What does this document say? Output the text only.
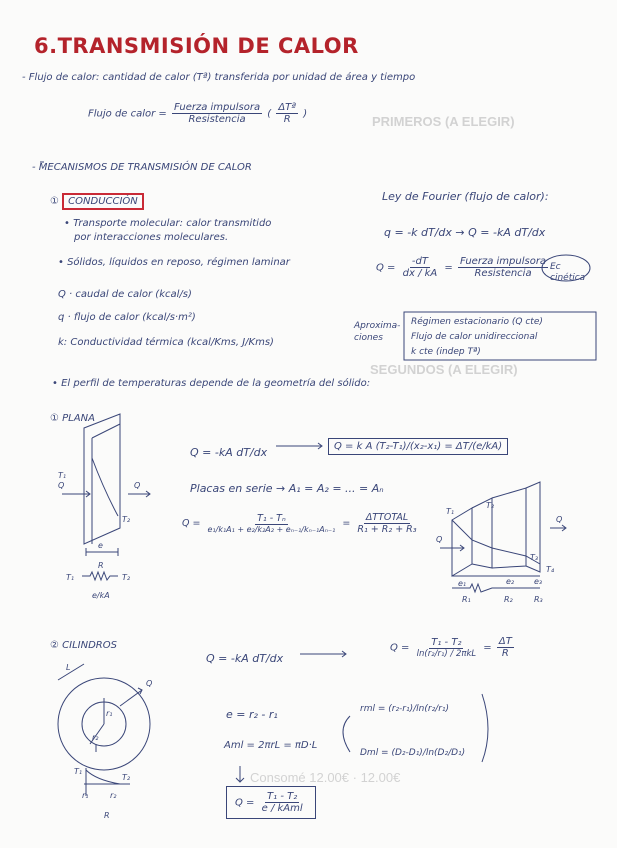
PRIMEROS (A ELEGIR)
SEGUNDOS (A ELEGIR)
Consomé 12.00€ · 12.00€
6.TRANSMISIÓN DE CALOR
- Flujo de calor: cantidad de calor (Tª) transferida por unidad de área y tiempo
Flujo de calor = $\frac{\text{Fuerza impulsora}}{\text{Resistencia}}$ ( $\frac{\text{ΔTª}}{R}$ )
- MECANISMOS DE TRANSMISIÓN DE CALOR
① CONDUCCIÓN
• Transporte molecular: calor transmitido
por interacciones moleculares.
• Sólidos, líquidos en reposo, régimen laminar
Q · caudal de calor (kcal/s)
q · flujo de calor (kcal/s·m²)
k: Conductividad térmica (kcal/Kms, J/Kms)
Ley de Fourier (flujo de calor):
q = -k dT/dx → Q = -kA dT/dx
$Q = \frac{-dT}{dx / kA} = \frac{\text{Fuerza impulsora}}{\text{Resistencia}}$ Ec cinética
Aproxima- ciones
Régimen estacionario (Q cte)
Flujo de calor unidireccional
k cte (indep Tª)
• El perfil de temperaturas depende de la geometría del sólido:
① PLANA
Q = -kA dT/dx	Q = k A (T₂-T₁)/(x₂-x₁) = ΔT/(e/kA)
Placas en serie → A₁ = A₂ = ... = Aₙ
$Q = \frac{\text{T₁ - Tₙ}}{\text{e₁/k₁A₁ + e₂/k₂A₂ + eₙ₋₁/kₙ₋₁Aₙ₋₁}} = \frac{\text{ΔTTOTAL}}{\text{R₁ + R₂ + R₃}}$
② CILINDROS
Q = -kA dT/dx
$Q = \frac{\text{T₁ - T₂}}{\text{ln(r₂/r₁) / 2πkL}} = \frac{\Delta T}{R}$
e = r₂ - r₁	rml = (r₂-r₁)/ln(r₂/r₁)
Aml = 2πrL = πD·L
Dml = (D₂-D₁)/ln(D₂/D₁)
$Q = \frac{\text{T₁ - T₂}}{\text{e / kAml}}$
T₁
T₂
Q	Q
e
R
T₁	T₂
e/kA
T₁
T₂
T₃
T₄
Q
Q
e₁	e₂ e₃
R₁	R₂	R₃
L
Q
r₁
r₂
T₁
T₂
r₁	r₂
R
